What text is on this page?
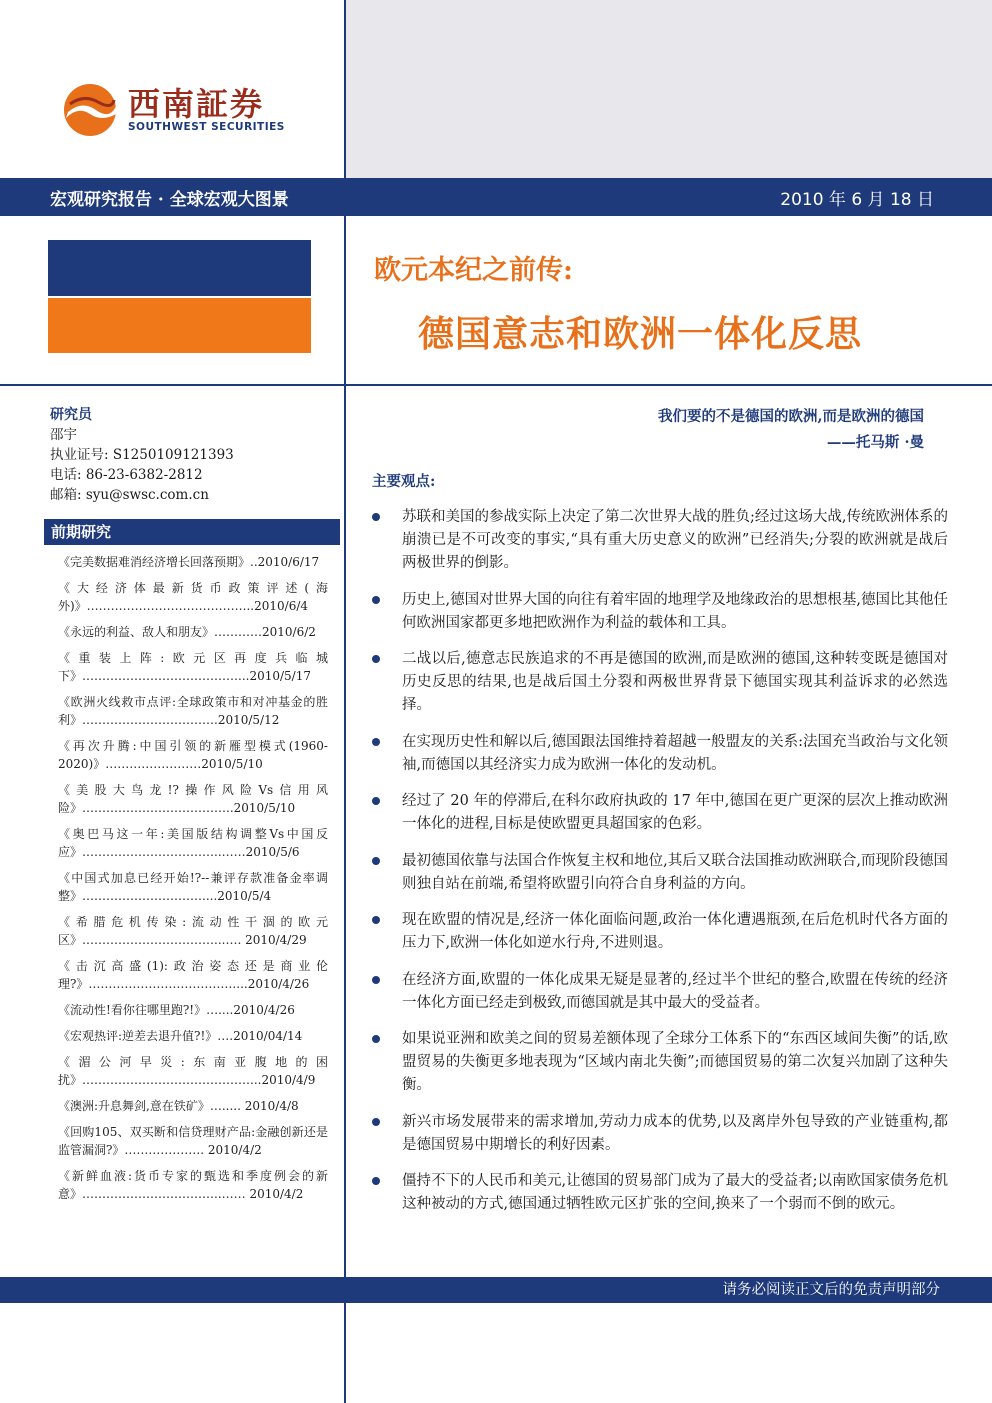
西南証券
SOUTHWEST SECURITIES
宏观研究报告 · 全球宏观大图景	2010 年 6 月 18 日
欧元本纪之前传:
德国意志和欧洲一体化反思
研究员
邵宇
执业证号: S1250109121393
电话: 86-23-6382-2812
邮箱: syu@swsc.com.cn
前期研究
《完美数据难消经济增长回落预期》..2010/6/17
《大经济体最新货币政策评述(海外)》…………………………………...2010/6/4
《永远的利益、敌人和朋友》…………2010/6/2
《重装上阵:欧元区再度兵临城下》…………………………………...2010/5/17
《欧洲火线救市点评:全球政策市和对冲基金的胜利》…………………………….2010/5/12
《再次升腾:中国引领的新雁型模式(1960-2020)》……………………2010/5/10
《美股大鸟龙!?操作风险Vs信用风险》………………………………..2010/5/10
《奥巴马这一年:美国版结构调整Vs中国反应》……………………………..……2010/5/6
《中国式加息已经开始!?--兼评存款准备金率调整》…………………………....2010/5/4
《希腊危机传染:流动性干涸的欧元区》……………………………...…. 2010/4/29
《击沉高盛(1):政治姿态还是商业伦理?》………………………………....2010/4/26
《流动性!看你往哪里跑?!》…....2010/4/26
《宏观热评:逆差去退升值?!》….2010/04/14
《湄公河早災:东南亚腹地的困扰》……………………………………...2010/4/9
《澳洲:升息舞剑,意在铁矿》…..... 2010/4/8
《回购105、双买断和信贷理财产品:金融创新还是监管漏洞?》…….…………. 2010/4/2
《新鲜血液:货币专家的甄选和季度例会的新意》……………………………..…… 2010/4/2
我们要的不是德国的欧洲,而是欧洲的德国
——托马斯 ·曼
主要观点:
苏联和美国的参战实际上决定了第二次世界大战的胜负;经过这场大战,传统欧洲体系的崩溃已是不可改变的事实,“具有重大历史意义的欧洲”已经消失;分裂的欧洲就是战后两极世界的倒影。
历史上,德国对世界大国的向往有着牢固的地理学及地缘政治的思想根基,德国比其他任何欧洲国家都更多地把欧洲作为利益的载体和工具。
二战以后,德意志民族追求的不再是德国的欧洲,而是欧洲的德国,这种转变既是德国对历史反思的结果,也是战后国土分裂和两极世界背景下德国实现其利益诉求的必然选择。
在实现历史性和解以后,德国跟法国维持着超越一般盟友的关系:法国充当政治与文化领袖,而德国以其经济实力成为欧洲一体化的发动机。
经过了 20 年的停滞后,在科尔政府执政的 17 年中,德国在更广更深的层次上推动欧洲一体化的进程,目标是使欧盟更具超国家的色彩。
最初德国依靠与法国合作恢复主权和地位,其后又联合法国推动欧洲联合,而现阶段德国则独自站在前端,希望将欧盟引向符合自身利益的方向。
现在欧盟的情况是,经济一体化面临问题,政治一体化遭遇瓶颈,在后危机时代各方面的压力下,欧洲一体化如逆水行舟,不进则退。
在经济方面,欧盟的一体化成果无疑是显著的,经过半个世纪的整合,欧盟在传统的经济一体化方面已经走到极致,而德国就是其中最大的受益者。
如果说亚洲和欧美之间的贸易差额体现了全球分工体系下的“东西区域间失衡”的话,欧盟贸易的失衡更多地表现为“区域内南北失衡”;而德国贸易的第二次复兴加剧了这种失衡。
新兴市场发展带来的需求增加,劳动力成本的优势,以及离岸外包导致的产业链重构,都是德国贸易中期增长的利好因素。
僵持不下的人民币和美元,让德国的贸易部门成为了最大的受益者;以南欧国家债务危机这种被动的方式,德国通过牺牲欧元区扩张的空间,换来了一个弱而不倒的欧元。
请务必阅读正文后的免责声明部分
